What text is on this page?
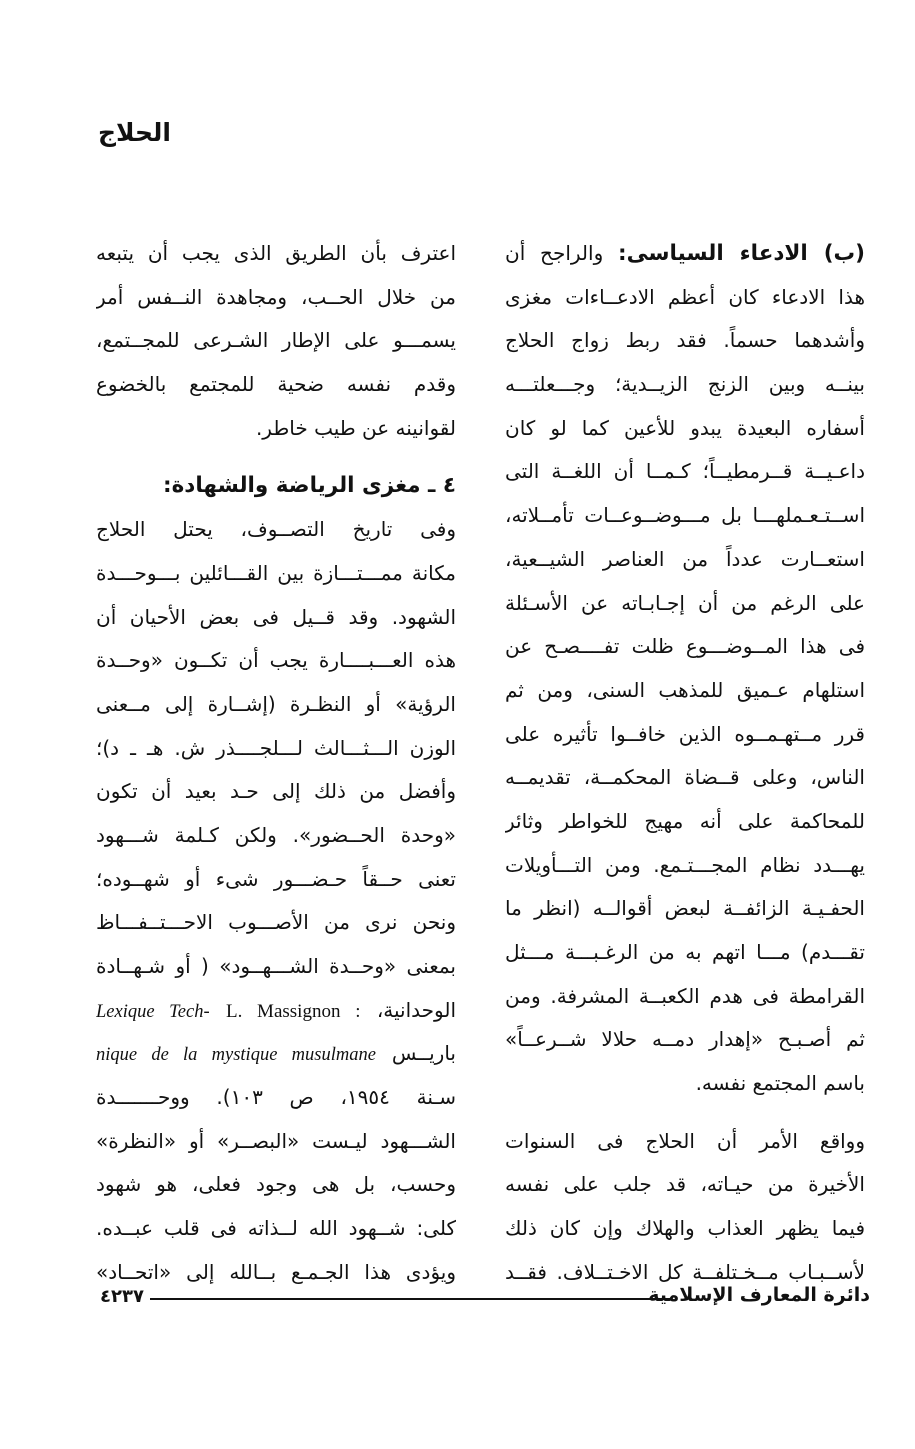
الحلاج
(ب) الادعاء السياسى: والراجح أن
هذا الادعاء كان أعظم الادعــاءات مغزى
وأشدهما حسماً. فقد ربط زواج الحلاج
بينــه وبين الزنج الزيــدية؛ وجـــعلتـــه
أسفاره البعيدة يبدو للأعين كما لو كان
داعـيــة قــرمطيــاً؛ كـمــا أن اللغــة التى
اســتـعـملهـــا بل مـــوضــوعــات تأمــلاته،
استعــارت عدداً من العناصر الشيــعية،
على الرغم من أن إجـابـاته عن الأسـئلة
فى هذا المــوضـــوع ظلت تفــــصـح عن
استلهام عـميق للمذهب السنى، ومن ثم
قرر مــتهـمــوه الذين خافــوا تأثيره على
الناس، وعلى قــضاة المحكمــة، تقديمــه
للمحاكمة على أنه مهيج للخواطر وثائر
يهـــدد نظام المجـــتـمع. ومن التـــأويلات
الحفـيـة الزائفــة لبعض أقوالــه (انظر ما
تقـــدم) مـــا اتهم به من الرغـبـــة مـــثل
القرامطة فى هدم الكعبــة المشرفة. ومن
ثم أصـبـح «إهدار دمــه حلالا شــرعــاً»
باسم المجتمع نفسه.
وواقع الأمر أن الحلاج فى السنوات
الأخيرة من حيـاته، قد جلب على نفسه
فيما يظهر العذاب والهلاك وإن كان ذلك
لأســبـاب مــخـتلفــة كل الاخـتــلاف. فقــد
اعترف بأن الطريق الذى يجب أن يتبعه
من خلال الحــب، ومجاهدة النــفس أمر
يسمـــو على الإطار الشـرعى للمجــتمع،
وقدم نفسه ضحية للمجتمع بالخضوع
لقوانينه عن طيب خاطر.
٤ ـ مغزى الرياضة والشهادة:
وفى تاريخ التصــوف، يحتل الحلاج
مكانة ممـــتـــازة بين القـــائلين بـــوحـــدة
الشهود. وقد قــيل فى بعض الأحيان أن
هذه العـــبــــارة يجب أن تكــون «وحــدة
الرؤية» أو النظـرة (إشــارة إلى مــعنى
الوزن الـــثـــالث لـــلجــــذر ش. هـ ـ د)؛
وأفضل من ذلك إلى حـد بعيد أن تكون
«وحدة الحــضور». ولكن كـلمة شـــهود
تعنى حــقاً حـضـــور شىء أو شهــوده؛
ونحن نرى من الأصـــوب الاحـــتــفـــاظ
بمعنى «وحــدة الشـــهــود» ( أو شـهــادة
الوحدانية، L. Massignon : Lexique Tech-
باريــس nique de la mystique musulmane
سـنة ١٩٥٤، ص ١٠٣). ووحـــــــدة
الشـــهود ليـست «البصــر» أو «النظرة»
وحسب، بل هى وجود فعلى، هو شهود
كلى: شــهود الله لــذاته فى قلب عبــده.
ويؤدى هذا الجـمـع بــالله إلى «اتحــاد»
دائرة المعارف الإسلامية
٤٢٣٧
